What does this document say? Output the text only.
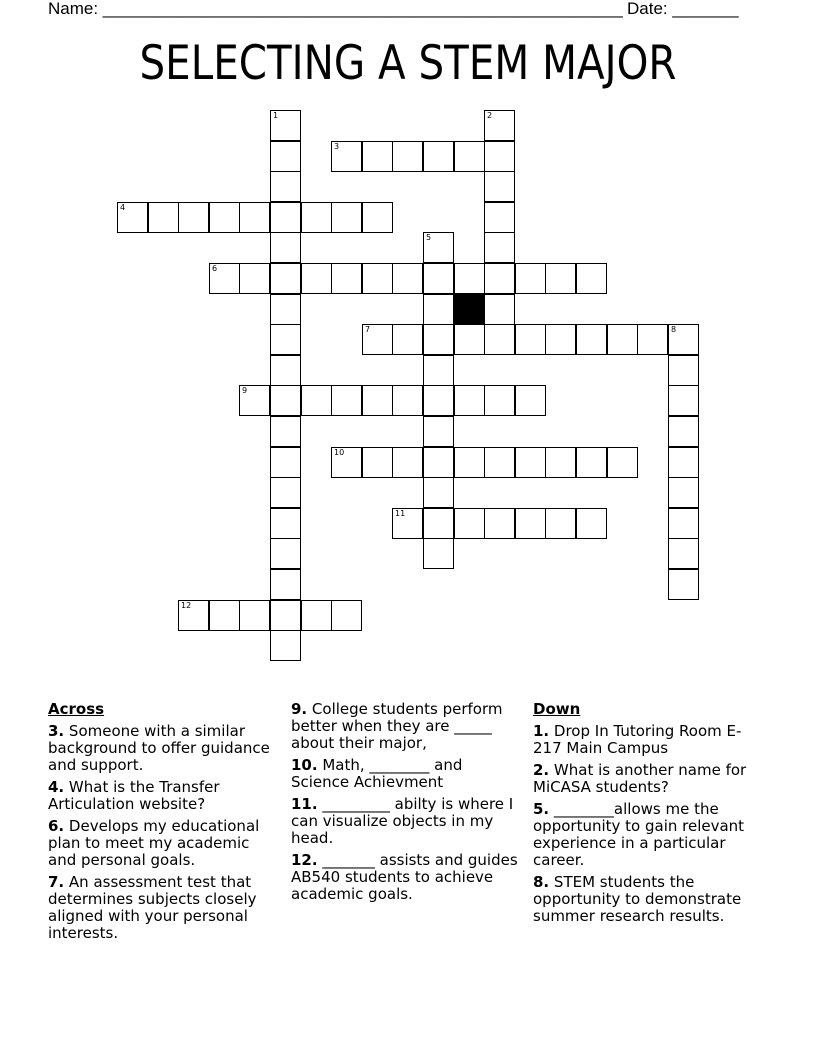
Name: _______________________________________________________ Date: _______
SELECTING A STEM MAJOR
1	2
3
4
5
6
7	8
9
10
11
12
Across
3. Someone with a similar background to offer guidance and support.
4. What is the Transfer Articulation website?
6. Develops my educational plan to meet my academic and personal goals.
7. An assessment test that determines subjects closely aligned with your personal interests.
9. College students perform better when they are _____ about their major,
10. Math, ________ and Science Achievment
11. _________ abilty is where I can visualize objects in my head.
12. _______ assists and guides AB540 students to achieve academic goals.
Down
1. Drop In Tutoring Room E-217 Main Campus
2. What is another name for MiCASA students?
5. ________allows me the opportunity to gain relevant experience in a particular career.
8. STEM students the opportunity to demonstrate summer research results.
